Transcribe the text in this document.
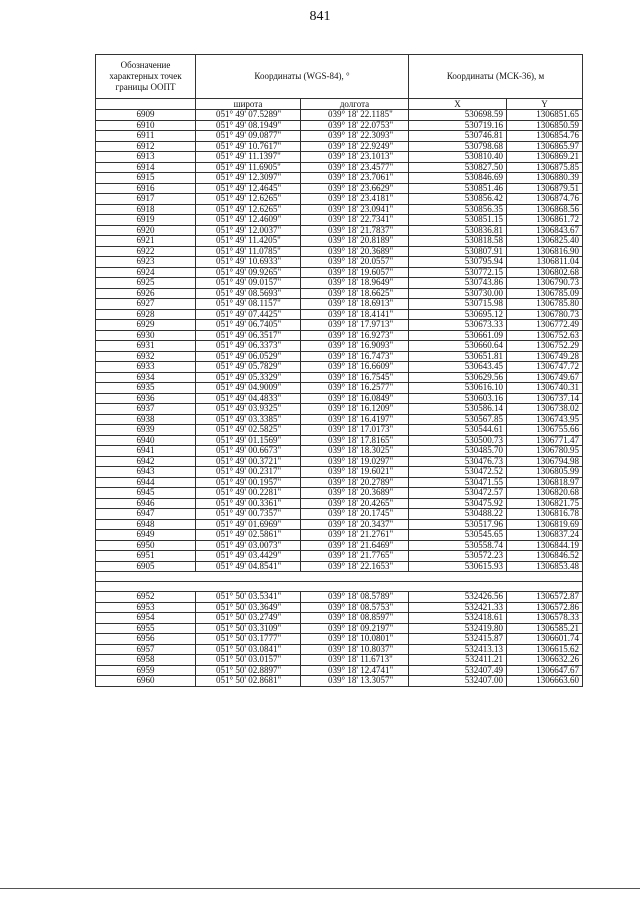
841
Обозначение характерных точек границы ООПТ	Координаты (WGS-84), °		Координаты (МСК-36), м	
	широта	долгота	X	Y
6909	051° 49' 07.5289"	039° 18' 22.1185"	530698.59	1306851.65
6910	051° 49' 08.1949"	039° 18' 22.0753"	530719.16	1306850.59
6911	051° 49' 09.0877"	039° 18' 22.3093"	530746.81	1306854.76
6912	051° 49' 10.7617"	039° 18' 22.9249"	530798.68	1306865.97
6913	051° 49' 11.1397"	039° 18' 23.1013"	530810.40	1306869.21
6914	051° 49' 11.6905"	039° 18' 23.4577"	530827.50	1306875.85
6915	051° 49' 12.3097"	039° 18' 23.7061"	530846.69	1306880.39
6916	051° 49' 12.4645"	039° 18' 23.6629"	530851.46	1306879.51
6917	051° 49' 12.6265"	039° 18' 23.4181"	530856.42	1306874.76
6918	051° 49' 12.6265"	039° 18' 23.0941"	530856.35	1306868.56
6919	051° 49' 12.4609"	039° 18' 22.7341"	530851.15	1306861.72
6920	051° 49' 12.0037"	039° 18' 21.7837"	530836.81	1306843.67
6921	051° 49' 11.4205"	039° 18' 20.8189"	530818.58	1306825.40
6922	051° 49' 11.0785"	039° 18' 20.3689"	530807.91	1306816.90
6923	051° 49' 10.6933"	039° 18' 20.0557"	530795.94	1306811.04
6924	051° 49' 09.9265"	039° 18' 19.6057"	530772.15	1306802.68
6925	051° 49' 09.0157"	039° 18' 18.9649"	530743.86	1306790.73
6926	051° 49' 08.5693"	039° 18' 18.6625"	530730.00	1306785.09
6927	051° 49' 08.1157"	039° 18' 18.6913"	530715.98	1306785.80
6928	051° 49' 07.4425"	039° 18' 18.4141"	530695.12	1306780.73
6929	051° 49' 06.7405"	039° 18' 17.9713"	530673.33	1306772.49
6930	051° 49' 06.3517"	039° 18' 16.9273"	530661.09	1306752.63
6931	051° 49' 06.3373"	039° 18' 16.9093"	530660.64	1306752.29
6932	051° 49' 06.0529"	039° 18' 16.7473"	530651.81	1306749.28
6933	051° 49' 05.7829"	039° 18' 16.6609"	530643.45	1306747.72
6934	051° 49' 05.3329"	039° 18' 16.7545"	530629.56	1306749.67
6935	051° 49' 04.9009"	039° 18' 16.2577"	530616.10	1306740.31
6936	051° 49' 04.4833"	039° 18' 16.0849"	530603.16	1306737.14
6937	051° 49' 03.9325"	039° 18' 16.1209"	530586.14	1306738.02
6938	051° 49' 03.3385"	039° 18' 16.4197"	530567.85	1306743.95
6939	051° 49' 02.5825"	039° 18' 17.0173"	530544.61	1306755.66
6940	051° 49' 01.1569"	039° 18' 17.8165"	530500.73	1306771.47
6941	051° 49' 00.6673"	039° 18' 18.3025"	530485.70	1306780.95
6942	051° 49' 00.3721"	039° 18' 19.0297"	530476.73	1306794.98
6943	051° 49' 00.2317"	039° 18' 19.6021"	530472.52	1306805.99
6944	051° 49' 00.1957"	039° 18' 20.2789"	530471.55	1306818.97
6945	051° 49' 00.2281"	039° 18' 20.3689"	530472.57	1306820.68
6946	051° 49' 00.3361"	039° 18' 20.4265"	530475.92	1306821.75
6947	051° 49' 00.7357"	039° 18' 20.1745"	530488.22	1306816.78
6948	051° 49' 01.6969"	039° 18' 20.3437"	530517.96	1306819.69
6949	051° 49' 02.5861"	039° 18' 21.2761"	530545.65	1306837.24
6950	051° 49' 03.0073"	039° 18' 21.6469"	530558.74	1306844.19
6951	051° 49' 03.4429"	039° 18' 21.7765"	530572.23	1306846.52
6905	051° 49' 04.8541"	039° 18' 22.1653"	530615.93	1306853.48

6952	051° 50' 03.5341"	039° 18' 08.5789"	532426.56	1306572.87
6953	051° 50' 03.3649"	039° 18' 08.5753"	532421.33	1306572.86
6954	051° 50' 03.2749"	039° 18' 08.8597"	532418.61	1306578.33
6955	051° 50' 03.3109"	039° 18' 09.2197"	532419.80	1306585.21
6956	051° 50' 03.1777"	039° 18' 10.0801"	532415.87	1306601.74
6957	051° 50' 03.0841"	039° 18' 10.8037"	532413.13	1306615.62
6958	051° 50' 03.0157"	039° 18' 11.6713"	532411.21	1306632.26
6959	051° 50' 02.8897"	039° 18' 12.4741"	532407.49	1306647.67
6960	051° 50' 02.8681"	039° 18' 13.3057"	532407.00	1306663.60
